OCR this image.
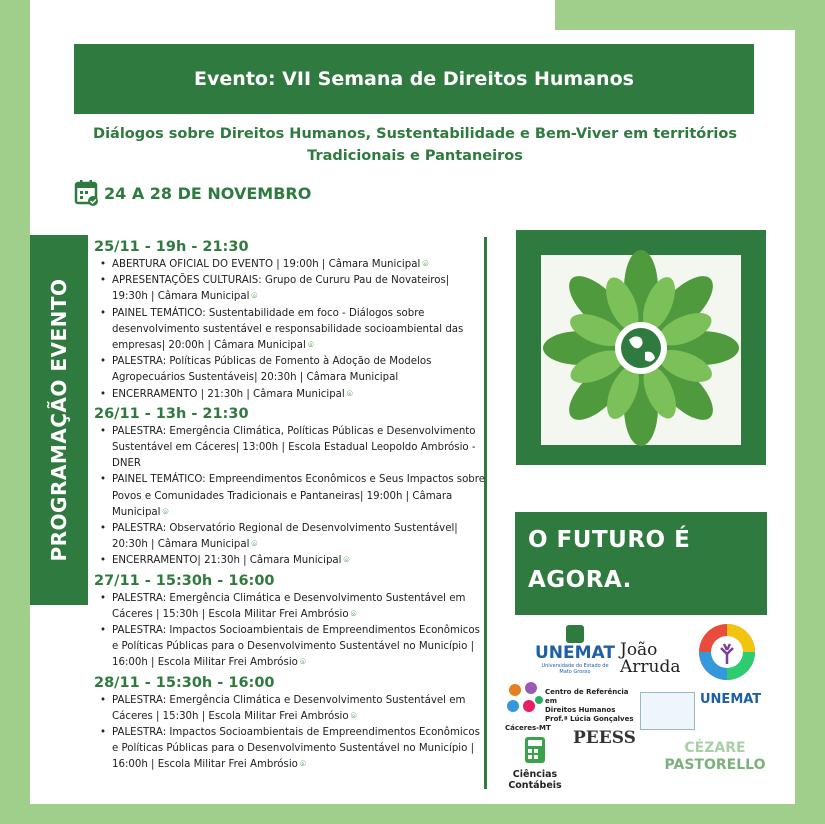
Evento: VII Semana de Direitos Humanos
Diálogos sobre Direitos Humanos, Sustentabilidade e Bem-Viver em territórios
Tradicionais e Pantaneiros
24 A 28 DE NOVEMBRO
PROGRAMAÇÃO EVENTO
25/11 - 19h - 21:30
• ABERTURA OFICIAL DO EVENTO | 19:00h | Câmara Municipal ⌾
• APRESENTAÇÕES CULTURAIS: Grupo de Cururu Pau de Novateiros| 19:30h | Câmara Municipal ⌾
• PAINEL TEMÁTICO: Sustentabilidade em foco - Diálogos sobre desenvolvimento sustentável e responsabilidade socioambiental das empresas| 20:00h | Câmara Municipal ⌾
• PALESTRA: Políticas Públicas de Fomento à Adoção de Modelos Agropecuários Sustentáveis| 20:30h | Câmara Municipal
• ENCERRAMENTO | 21:30h | Câmara Municipal ⌾
26/11 - 13h - 21:30
• PALESTRA: Emergência Climática, Políticas Públicas e Desenvolvimento Sustentável em Cáceres| 13:00h | Escola Estadual Leopoldo Ambrósio - DNER
• PAINEL TEMÁTICO: Empreendimentos Econômicos e Seus Impactos sobre Povos e Comunidades Tradicionais e Pantaneiras| 19:00h | Câmara Municipal ⌾
• PALESTRA: Observatório Regional de Desenvolvimento Sustentável| 20:30h | Câmara Municipal ⌾
• ENCERRAMENTO| 21:30h | Câmara Municipal ⌾
27/11 - 15:30h - 16:00
• PALESTRA: Emergência Climática e Desenvolvimento Sustentável em Cáceres | 15:30h | Escola Militar Frei Ambrósio ⌾
• PALESTRA: Impactos Socioambientais de Empreendimentos Econômicos e Políticas Públicas para o Desenvolvimento Sustentável no Município | 16:00h | Escola Militar Frei Ambrósio ⌾
28/11 - 15:30h - 16:00
• PALESTRA: Emergência Climática e Desenvolvimento Sustentável em Cáceres | 15:30h | Escola Militar Frei Ambrósio ⌾
• PALESTRA: Impactos Socioambientais de Empreendimentos Econômicos e Políticas Públicas para o Desenvolvimento Sustentável no Município | 16:00h | Escola Militar Frei Ambrósio ⌾
O FUTURO É
AGORA.
UNEMAT
Universidade do Estado de Mato Grosso
João
Arruda
Centro de Referência em
Direitos Humanos
Prof.ª Lúcia Gonçalves
Cáceres-MT
UNEMAT
Ciências Contábeis
PEESS	CÉZARE
PASTORELLO
